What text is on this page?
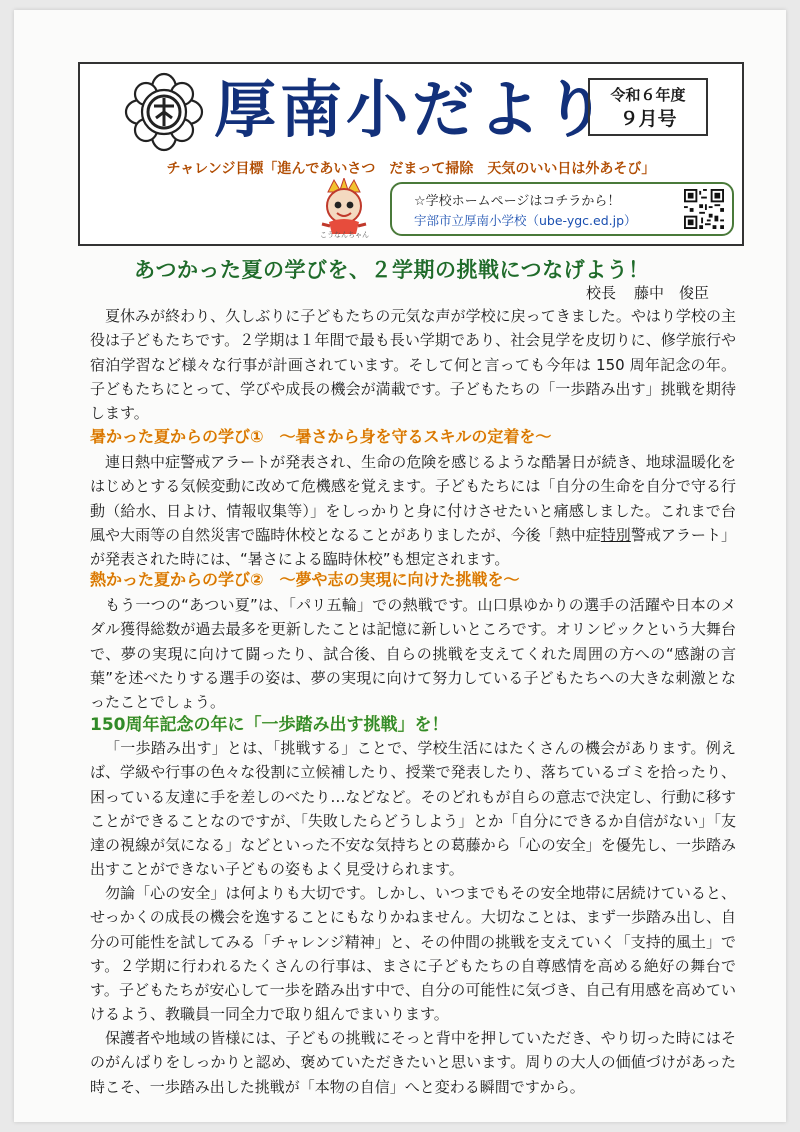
厚南小だより 令和６年度
９月号
チャレンジ目標「進んであいさつ　だまって掃除　天気のいい日は外あそび」
こうなんちゃん
☆学校ホームページはコチラから！
宇部市立厚南小学校（ube-ygc.ed.jp）
あつかった夏の学びを、２学期の挑戦につなげよう！
校長 藤中　俊臣

夏休みが終わり、久しぶりに子どもたちの元気な声が学校に戻ってきました。やはり学校の主役は子どもたちです。２学期は１年間で最も長い学期であり、社会見学を皮切りに、修学旅行や宿泊学習など様々な行事が計画されています。そして何と言っても今年は 150 周年記念の年。子どもたちにとって、学びや成長の機会が満載です。子どもたちの「一歩踏み出す」挑戦を期待します。

暑かった夏からの学び①　～暑さから身を守るスキルの定着を～

連日熱中症警戒アラートが発表され、生命の危険を感じるような酷暑日が続き、地球温暖化をはじめとする気候変動に改めて危機感を覚えます。子どもたちには「自分の生命を自分で守る行動（給水、日よけ、情報収集等）」をしっかりと身に付けさせたいと痛感しました。これまで台風や大雨等の自然災害で臨時休校となることがありましたが、今後「熱中症特別警戒アラート」が発表された時には、“暑さによる臨時休校”も想定されます。

熱かった夏からの学び②　～夢や志の実現に向けた挑戦を～

もう一つの“あつい夏”は、「パリ五輪」での熱戦です。山口県ゆかりの選手の活躍や日本のメダル獲得総数が過去最多を更新したことは記憶に新しいところです。オリンピックという大舞台で、夢の実現に向けて闘ったり、試合後、自らの挑戦を支えてくれた周囲の方への“感謝の言葉”を述べたりする選手の姿は、夢の実現に向けて努力している子どもたちへの大きな刺激となったことでしょう。

150周年記念の年に「一歩踏み出す挑戦」を！

「一歩踏み出す」とは、「挑戦する」ことで、学校生活にはたくさんの機会があります。例えば、学級や行事の色々な役割に立候補したり、授業で発表したり、落ちているゴミを拾ったり、困っている友達に手を差しのべたり…などなど。そのどれもが自らの意志で決定し、行動に移すことができることなのですが、「失敗したらどうしよう」とか「自分にできるか自信がない」「友達の視線が気になる」などといった不安な気持ちとの葛藤から「心の安全」を優先し、一歩踏み出すことができない子どもの姿もよく見受けられます。

勿論「心の安全」は何よりも大切です。しかし、いつまでもその安全地帯に居続けていると、せっかくの成長の機会を逸することにもなりかねません。大切なことは、まず一歩踏み出し、自分の可能性を試してみる「チャレンジ精神」と、その仲間の挑戦を支えていく「支持的風土」です。２学期に行われるたくさんの行事は、まさに子どもたちの自尊感情を高める絶好の舞台です。子どもたちが安心して一歩を踏み出す中で、自分の可能性に気づき、自己有用感を高めていけるよう、教職員一同全力で取り組んでまいります。

保護者や地域の皆様には、子どもの挑戦にそっと背中を押していただき、やり切った時にはそのがんばりをしっかりと認め、褒めていただきたいと思います。周りの大人の価値づけがあった時こそ、一歩踏み出した挑戦が「本物の自信」へと変わる瞬間ですから。
